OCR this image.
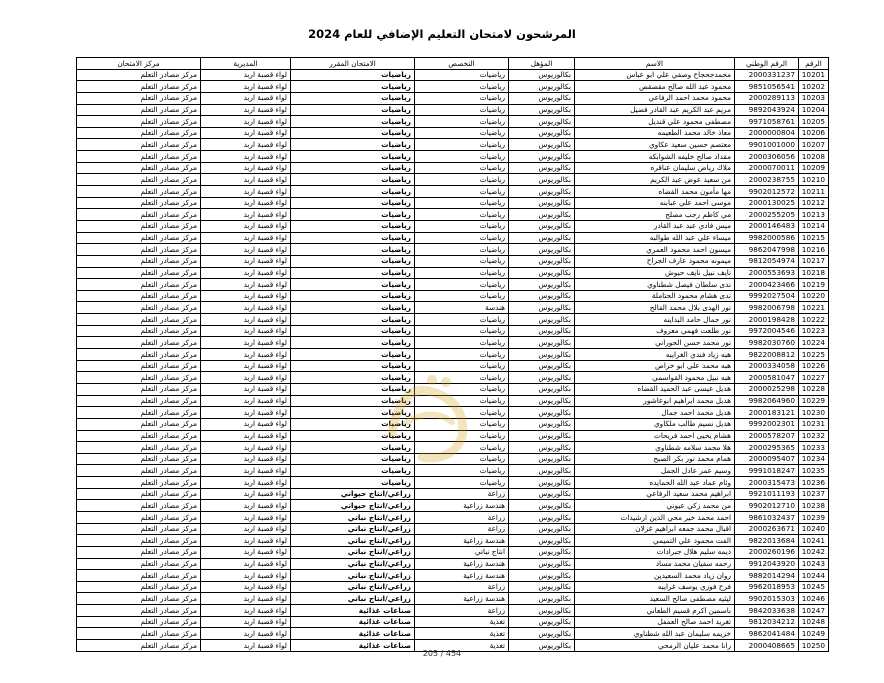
المرشحون لامتحان التعليم الإضافي للعام 2024
الرقم	الرقم الوطني	الاسم	المؤهل	التخصص	الامتحان المقرر	المديرية	مركز الامتحان
10201	2000331237	محمدجحجاح وصفي علي ابو عباس	بكالوريوس	رياضيات	رياضيات	لواء قصبة اربد	مركز مصادر التعلم
10202	9851056541	محمود عبد الله صالح مقصقص	بكالوريوس	رياضيات	رياضيات	لواء قصبة اربد	مركز مصادر التعلم
10203	2000289113	محمود محمد احمد الرفاعي	بكالوريوس	رياضيات	رياضيات	لواء قصبة اربد	مركز مصادر التعلم
10204	9892043924	مريم عبد الكريم عبد القادر فضيل	بكالوريوس	رياضيات	رياضيات	لواء قصبة اربد	مركز مصادر التعلم
10205	9971058761	مصطفى محمود علي قنديل	بكالوريوس	رياضيات	رياضيات	لواء قصبة اربد	مركز مصادر التعلم
10206	2000000804	معاذ خالد محمد الطعيمه	بكالوريوس	رياضيات	رياضيات	لواء قصبة اربد	مركز مصادر التعلم
10207	9901001000	معتصم حسين سعيد عكاوي	بكالوريوس	رياضيات	رياضيات	لواء قصبة اربد	مركز مصادر التعلم
10208	2000306056	مقداد صالح خليفه الشوابكه	بكالوريوس	رياضيات	رياضيات	لواء قصبة اربد	مركز مصادر التعلم
10209	2000070011	ملاك رياض سليمان عناقره	بكالوريوس	رياضيات	رياضيات	لواء قصبة اربد	مركز مصادر التعلم
10210	2000238755	من سعيد عوض عبد الكريم	بكالوريوس	رياضيات	رياضيات	لواء قصبة اربد	مركز مصادر التعلم
10211	9902012572	مها مأمون محمد القضاه	بكالوريوس	رياضيات	رياضيات	لواء قصبة اربد	مركز مصادر التعلم
10212	2000130025	موسى احمد علي عبابنه	بكالوريوس	رياضيات	رياضيات	لواء قصبة اربد	مركز مصادر التعلم
10213	2000255205	مي كاظم رجب مصلح	بكالوريوس	رياضيات	رياضيات	لواء قصبة اربد	مركز مصادر التعلم
10214	2000146483	ميس فادي عبد عبد القادر	بكالوريوس	رياضيات	رياضيات	لواء قصبة اربد	مركز مصادر التعلم
10215	9982000586	ميساء علي عبد الله طوالبه	بكالوريوس	رياضيات	رياضيات	لواء قصبة اربد	مركز مصادر التعلم
10216	9862047998	ميسون احمد محمود العمري	بكالوريوس	رياضيات	رياضيات	لواء قصبة اربد	مركز مصادر التعلم
10217	9812054974	ميمونه محمود عارف الجراح	بكالوريوس	رياضيات	رياضيات	لواء قصبة اربد	مركز مصادر التعلم
10218	2000553693	نايف نبيل نايف حيوش	بكالوريوس	رياضيات	رياضيات	لواء قصبة اربد	مركز مصادر التعلم
10219	2000423466	ندى سلطان فيصل شطناوي	بكالوريوس	رياضيات	رياضيات	لواء قصبة اربد	مركز مصادر التعلم
10220	9992027504	ندى هشام محمود الحتاملة	بكالوريوس	رياضيات	رياضيات	لواء قصبة اربد	مركز مصادر التعلم
10221	9982006798	نور الهدى بلال محمد الفالح	بكالوريوس	هندسة	رياضيات	لواء قصبة اربد	مركز مصادر التعلم
10222	2000198428	نور جمال حامد البداينه	بكالوريوس	رياضيات	رياضيات	لواء قصبة اربد	مركز مصادر التعلم
10223	9972004546	نور طلعت فهمي معروف	بكالوريوس	رياضيات	رياضيات	لواء قصبة اربد	مركز مصادر التعلم
10224	9982030760	نور محمد حسن الحوراني	بكالوريوس	رياضيات	رياضيات	لواء قصبة اربد	مركز مصادر التعلم
10225	9822008812	هبه زياد فندي الغرايبه	بكالوريوس	رياضيات	رياضيات	لواء قصبة اربد	مركز مصادر التعلم
10226	2000334058	هبه محمد علي ابو خراص	بكالوريوس	رياضيات	رياضيات	لواء قصبة اربد	مركز مصادر التعلم
10227	2000581047	هبه نبيل محمود القواسمي	بكالوريوس	رياضيات	رياضيات	لواء قصبة اربد	مركز مصادر التعلم
10228	2000025298	هديل عيسى عبد الحميد القضاه	بكالوريوس	رياضيات	رياضيات	لواء قصبة اربد	مركز مصادر التعلم
10229	9982064960	هديل محمد ابراهيم ابوعاشور	بكالوريوس	رياضيات	رياضيات	لواء قصبة اربد	مركز مصادر التعلم
10230	2000183121	هديل محمد احمد جمال	بكالوريوس	رياضيات	رياضيات	لواء قصبة اربد	مركز مصادر التعلم
10231	9992002301	هديل نسيم طالب ملكاوي	بكالوريوس	رياضيات	رياضيات	لواء قصبة اربد	مركز مصادر التعلم
10232	2000578207	هشام يحيى احمد فريحات	بكالوريوس	رياضيات	رياضيات	لواء قصبة اربد	مركز مصادر التعلم
10233	2000295365	هلا محمد سلامه شطناوي	بكالوريوس	رياضيات	رياضيات	لواء قصبة اربد	مركز مصادر التعلم
10234	2000095407	همام محمد نور بكر الصبح	بكالوريوس	رياضيات	رياضيات	لواء قصبة اربد	مركز مصادر التعلم
10235	9991018247	وسيم عمر عادل الجمل	بكالوريوس	رياضيات	رياضيات	لواء قصبة اربد	مركز مصادر التعلم
10236	2000315473	وئام عماد عبد الله الحمايده	بكالوريوس	رياضيات	رياضيات	لواء قصبة اربد	مركز مصادر التعلم
10237	9921011193	ابراهيم محمد سعيد الرفاعي	بكالوريوس	زراعة	زراعي/انتاج حيواني	لواء قصبة اربد	مركز مصادر التعلم
10238	9902012710	من محمد زكي عيوني	بكالوريوس	هندسة زراعية	زراعي/انتاج حيواني	لواء قصبة اربد	مركز مصادر التعلم
10239	9861032437	احمد محمد خير محي الدين ارشيدات	بكالوريوس	زراعة	زراعي/انتاج نباتي	لواء قصبة اربد	مركز مصادر التعلم
10240	2000263671	اقبال محمد جمعه ابراهيم غزلان	بكالوريوس	زراعة	زراعي/انتاج نباتي	لواء قصبة اربد	مركز مصادر التعلم
10241	9822013684	الفت محمود علي التميمي	بكالوريوس	هندسة زراعية	زراعي/انتاج نباتي	لواء قصبة اربد	مركز مصادر التعلم
10242	2000260196	ديمه سليم هلال جبرادات	بكالوريوس	انتاج نباتي	زراعي/انتاج نباتي	لواء قصبة اربد	مركز مصادر التعلم
10243	9912043920	رحمه سفيان محمد مساد	بكالوريوس	هندسة زراعية	زراعي/انتاج نباتي	لواء قصبة اربد	مركز مصادر التعلم
10244	9882014294	روان زياد محمد السعيدين	بكالوريوس	هندسة زراعية	زراعي/انتاج نباتي	لواء قصبة اربد	مركز مصادر التعلم
10245	9962018953	فرح فوزي يوسف غرايبه	بكالوريوس	زراعة	زراعي/انتاج نباتي	لواء قصبة اربد	مركز مصادر التعلم
10246	9902015303	ليثيه مصطفى صالح السعيد	بكالوريوس	هندسة زراعية	زراعي/انتاج نباتي	لواء قصبة اربد	مركز مصادر التعلم
10247	9842033638	باسمين اكرم قسيم الطعاني	بكالوريوس	زراعة	صناعات غذائية	لواء قصبة اربد	مركز مصادر التعلم
10248	9812034212	تغريد احمد صالح العمفل	بكالوريوس	تغذية	صناعات غذائية	لواء قصبة اربد	مركز مصادر التعلم
10249	9862041484	خزيمه سليمان عبد الله شطناوي	بكالوريوس	تغذية	صناعات غذائية	لواء قصبة اربد	مركز مصادر التعلم
10250	2000408665	رانا محمد عليان الرمحي	بكالوريوس	تغذية	صناعات غذائية	لواء قصبة اربد	مركز مصادر التعلم
205 / 454
